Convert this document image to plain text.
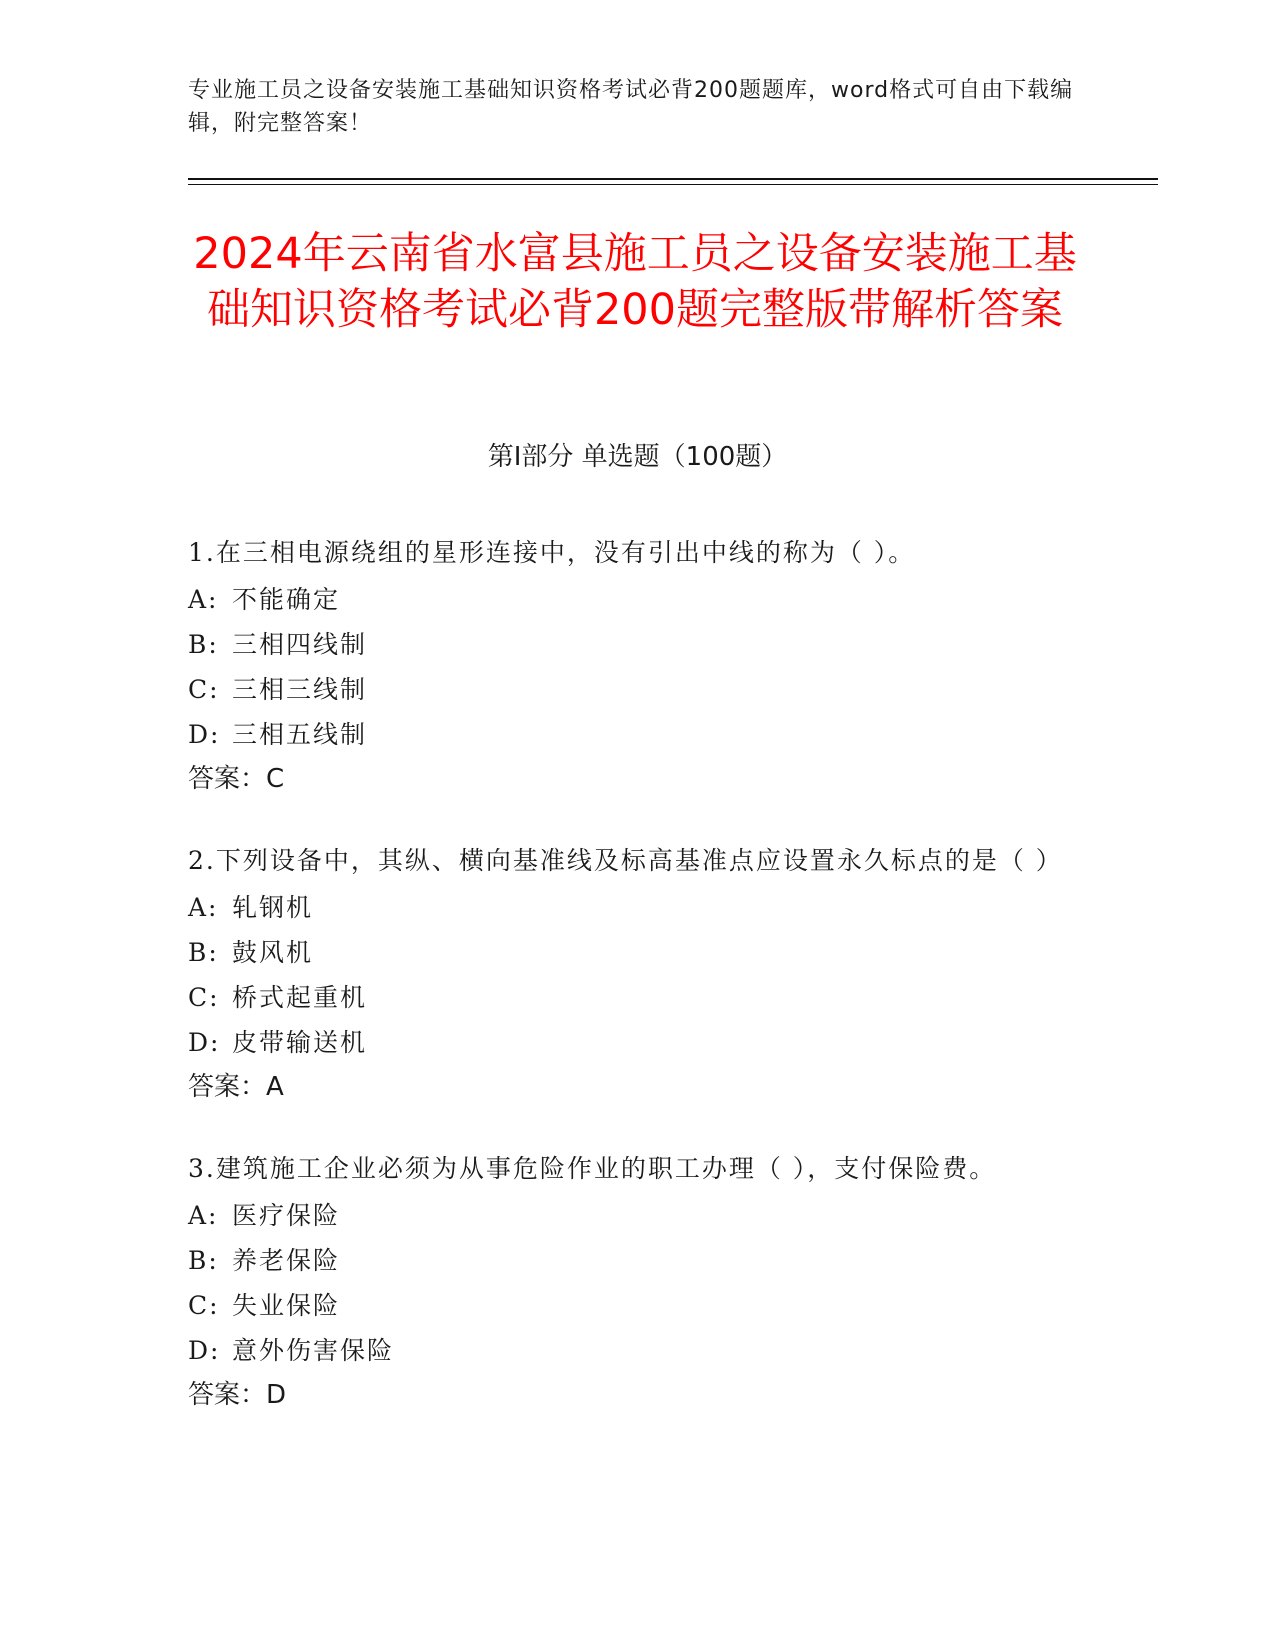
专业施工员之设备安装施工基础知识资格考试必背200题题库，word格式可自由下载编辑，附完整答案！
2024年云南省水富县施工员之设备安装施工基础知识资格考试必背200题完整版带解析答案
第Ⅰ部分 单选题（100题）
1.在三相电源绕组的星形连接中，没有引出中线的称为（ ）。
A: 不能确定
B: 三相四线制
C: 三相三线制
D: 三相五线制
答案：C
2.下列设备中，其纵、横向基准线及标高基准点应设置永久标点的是（ ）
A: 轧钢机
B: 鼓风机
C: 桥式起重机
D: 皮带输送机
答案：A
3.建筑施工企业必须为从事危险作业的职工办理（ ），支付保险费。
A: 医疗保险
B: 养老保险
C: 失业保险
D: 意外伤害保险
答案：D
